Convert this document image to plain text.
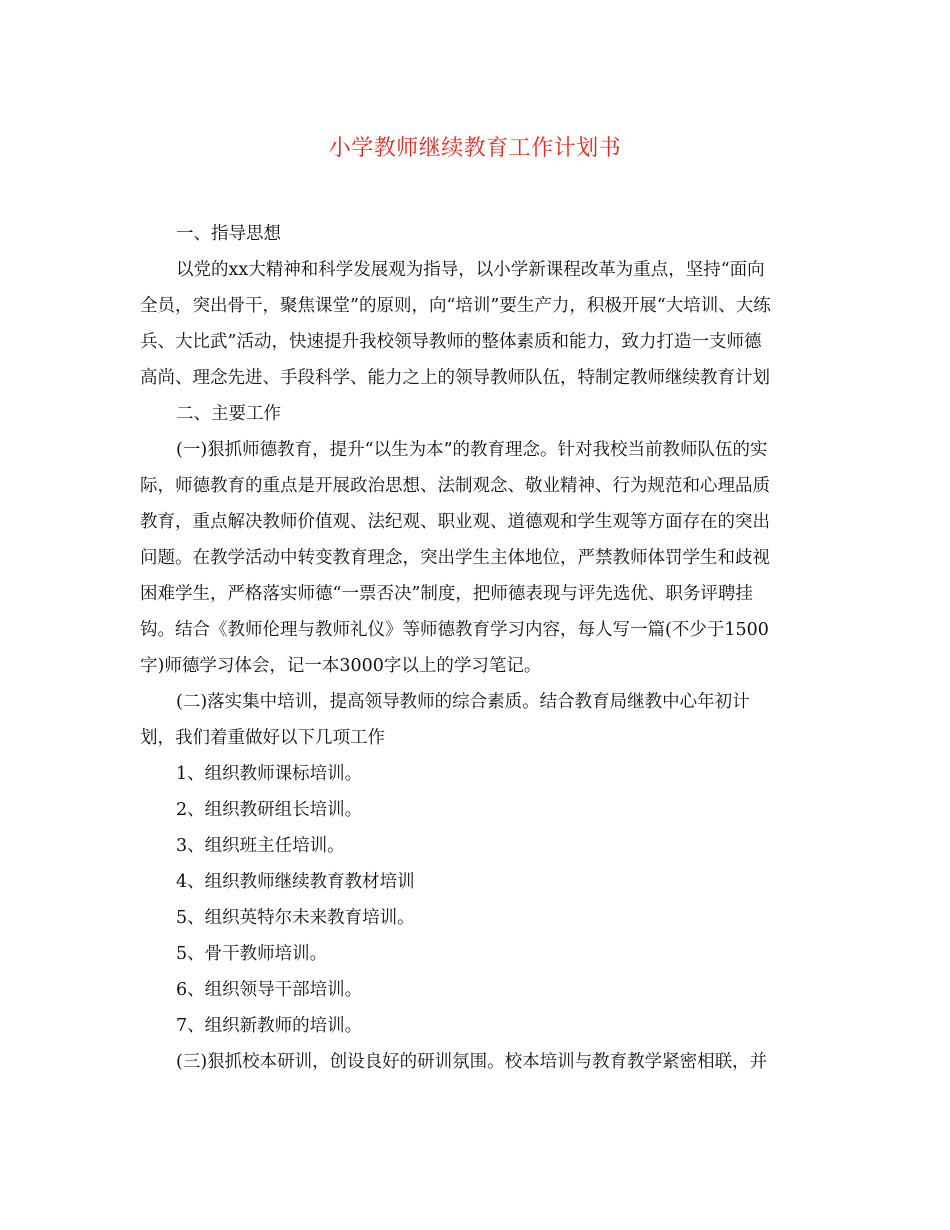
小学教师继续教育工作计划书
一、指导思想
以党的xx大精神和科学发展观为指导，以小学新课程改革为重点，坚持“面向
全员，突出骨干，聚焦课堂”的原则，向“培训”要生产力，积极开展“大培训、大练
兵、大比武”活动，快速提升我校领导教师的整体素质和能力，致力打造一支师德
高尚、理念先进、手段科学、能力之上的领导教师队伍，特制定教师继续教育计划
二、主要工作
(一)狠抓师德教育，提升“以生为本”的教育理念。针对我校当前教师队伍的实
际，师德教育的重点是开展政治思想、法制观念、敬业精神、行为规范和心理品质
教育，重点解决教师价值观、法纪观、职业观、道德观和学生观等方面存在的突出
问题。在教学活动中转变教育理念，突出学生主体地位，严禁教师体罚学生和歧视
困难学生，严格落实师德“一票否决”制度，把师德表现与评先选优、职务评聘挂
钩。结合《教师伦理与教师礼仪》等师德教育学习内容，每人写一篇(不少于1500
字)师德学习体会，记一本3000字以上的学习笔记。
(二)落实集中培训，提高领导教师的综合素质。结合教育局继教中心年初计
划，我们着重做好以下几项工作
1、组织教师课标培训。
2、组织教研组长培训。
3、组织班主任培训。
4、组织教师继续教育教材培训
5、组织英特尔未来教育培训。
5、骨干教师培训。
6、组织领导干部培训。
7、组织新教师的培训。
(三)狠抓校本研训，创设良好的研训氛围。校本培训与教育教学紧密相联，并
